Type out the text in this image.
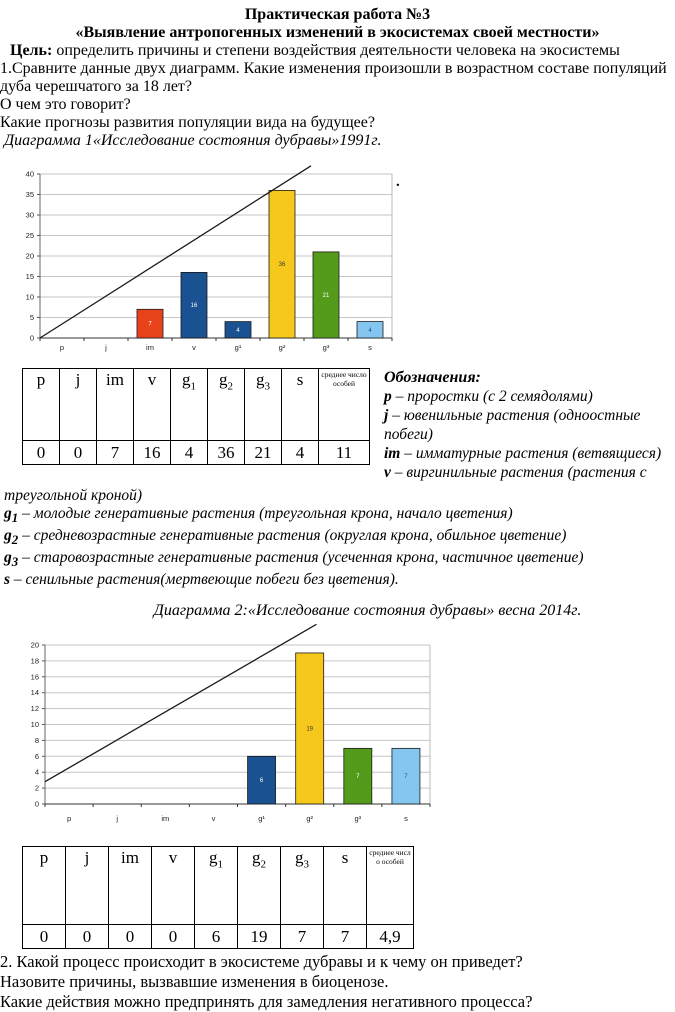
Практическая работа №3
«Выявление антропогенных изменений в экосистемах своей местности»
Цель: определить причины и степени воздействия деятельности человека на экосистемы
1.Сравните данные двух диаграмм. Какие изменения произошли в возрастном составе популяций дуба черешчатого за 18 лет?
О чем это говорит?
Какие прогнозы развития популяции вида на будущее?
Диаграмма 1«Исследование состояния дубравы»1991г.
0
5
10
15
20
25
30
35
40
p	j	im
7
v
16
g¹
4
g²
36
g³
21
s
4
.
p	j	im	v	$g_1$	$g_2$	$g_3$	s	среднее число особей
0	0	7	16	4	36	21	4	11
Обозначения:
p – проростки (с 2 семядолями)
j – ювенильные растения (одноостные побеги)
im – имматурные растения (ветвящиеся)
v – виргинильные растения (растения с
треугольной кроной)
$g_1$ – молодые генеративные растения (треугольная крона, начало цветения)
$g_2$ – средневозрастные генеративные растения (округлая крона, обильное цветение)
$g_3$ – старовозрастные генеративные растения (усеченная крона, частичное цветение)
s – сенильные растения(мертвеющие побеги без цветения).
Диаграмма 2:«Исследование состояния дубравы» весна 2014г.
0
2
4
6
8
10
12
14
16
18
20
p	j	im	v	g¹
6
g²
19
g³
7
s
7
p	j	im	v	$g_1$	$g_2$	$g_3$	s	среднее число особей
0	0	0	0	6	19	7	7	4,9
2. Какой процесс происходит в экосистеме дубравы и к чему он приведет?
Назовите причины, вызвавшие изменения в биоценозе.
Какие действия можно предпринять для замедления негативного процесса?
